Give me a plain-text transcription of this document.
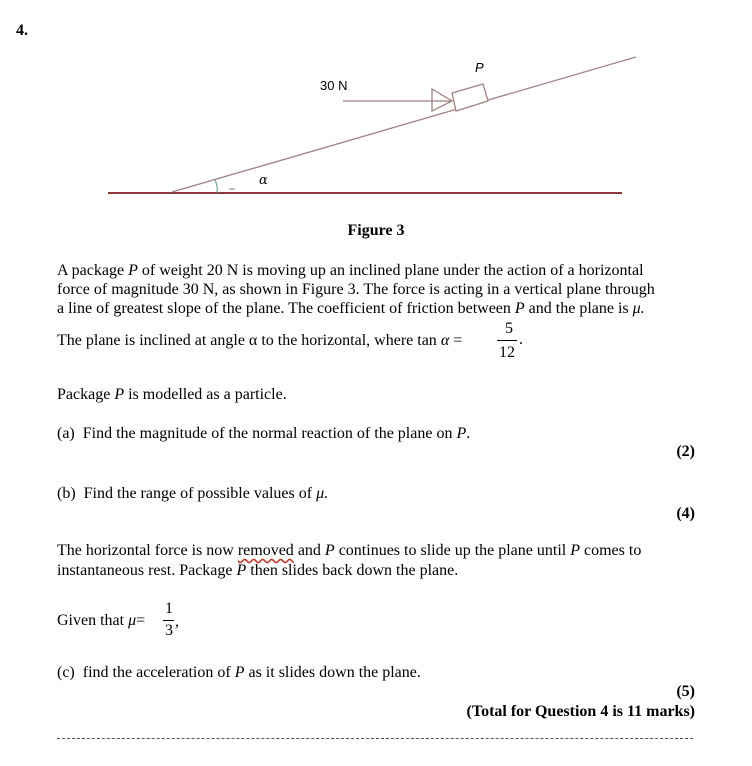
4.
30 N
P
α
Figure 3
A package P of weight 20 N is moving up an inclined plane under the action of a horizontal
force of magnitude 30 N, as shown in Figure 3. The force is acting in a vertical plane through
a line of greatest slope of the plane. The coefficient of friction between P and the plane is μ.
The plane is inclined at angle α to the horizontal, where tan α =
5
12
.
Package P is modelled as a particle.
(a) Find the magnitude of the normal reaction of the plane on P.
(2)
(b) Find the range of possible values of μ.
(4)
The horizontal force is now removed and P continues to slide up the plane until P comes to
instantaneous rest. Package P then slides back down the plane.
Given that μ=
1
3
,
(c) find the acceleration of P as it slides down the plane.
(5)
(Total for Question 4 is 11 marks)
